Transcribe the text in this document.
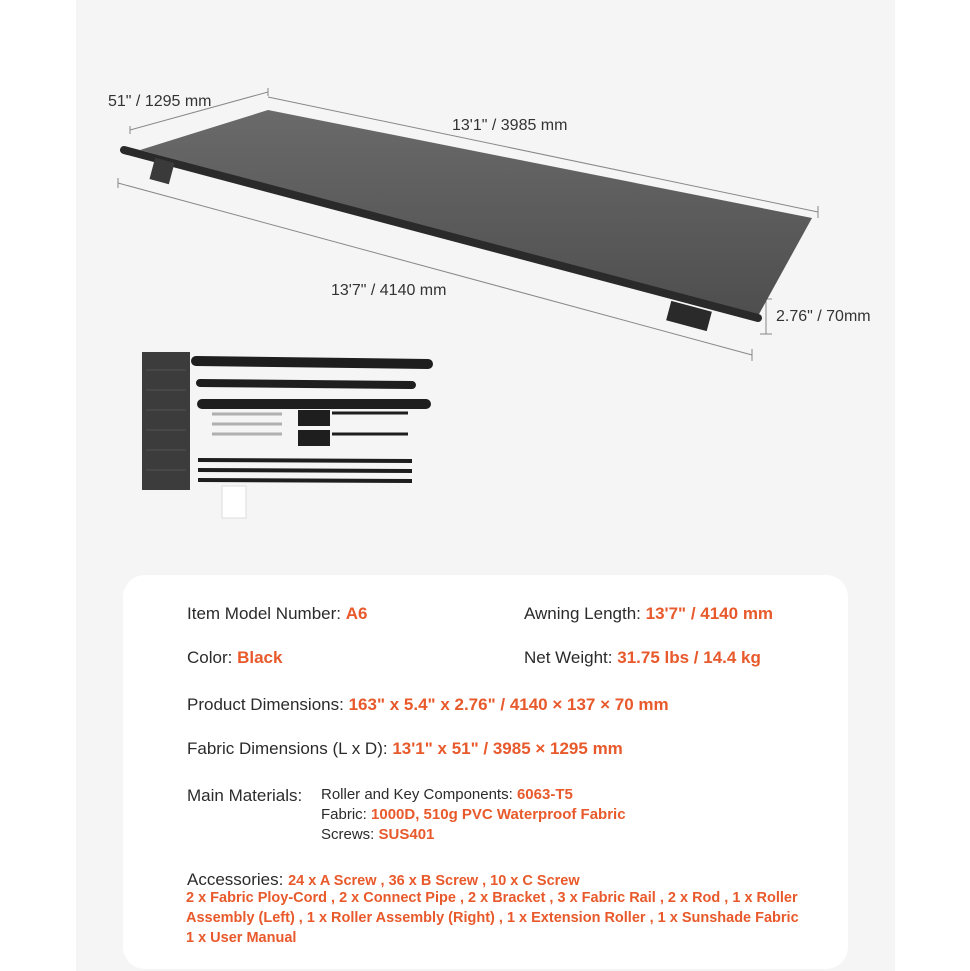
51" / 1295 mm
13'1" / 3985 mm
13'7" / 4140 mm
2.76" / 70mm
Item Model Number: A6	Awning Length: 13'7" / 4140 mm
Color: Black	Net Weight: 31.75 lbs / 14.4 kg
Product Dimensions: 163" x 5.4" x 2.76" / 4140 × 137 × 70 mm
Fabric Dimensions (L x D): 13'1" x 51" / 3985 × 1295 mm
Main Materials: Roller and Key Components: 6063-T5
Fabric: 1000D, 510g PVC Waterproof Fabric
Screws: SUS401
Accessories: 24 x A Screw , 36 x B Screw , 10 x C Screw
2 x Fabric Ploy-Cord , 2 x Connect Pipe , 2 x Bracket , 3 x Fabric Rail , 2 x Rod , 1 x Roller
Assembly (Left) , 1 x Roller Assembly (Right) , 1 x Extension Roller , 1 x Sunshade Fabric
1 x User Manual
